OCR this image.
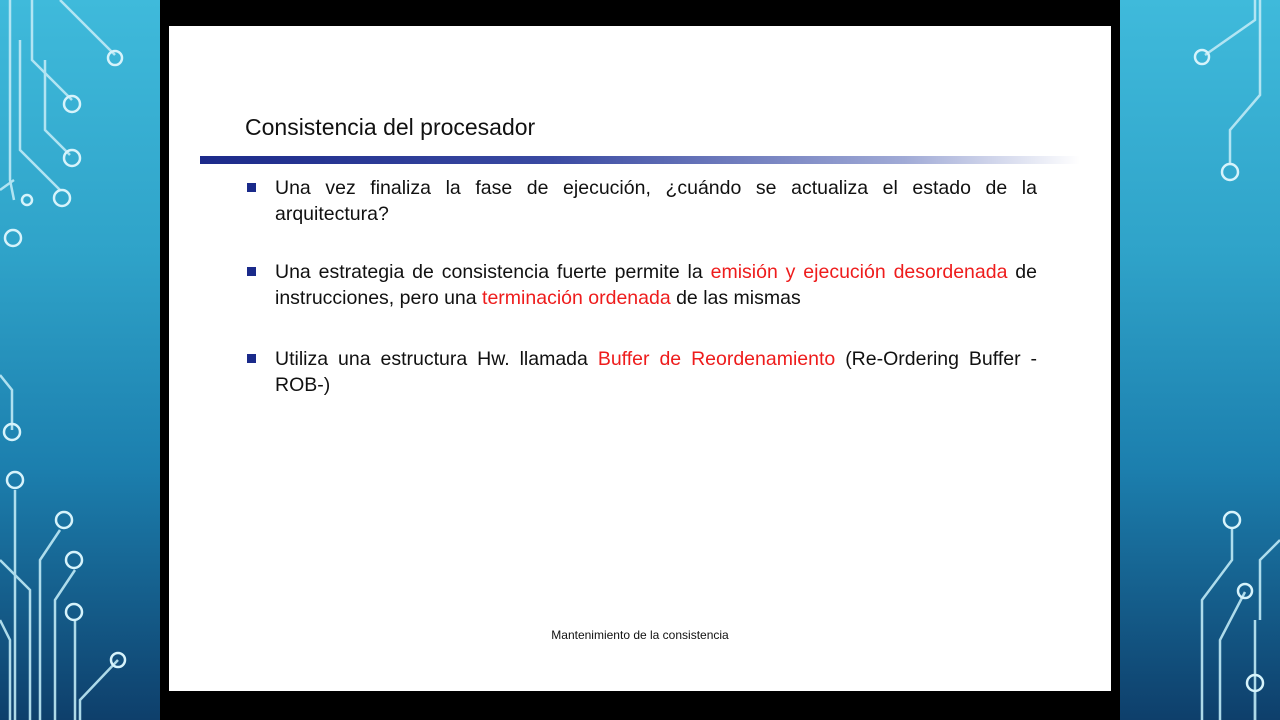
Consistencia del procesador
Una vez finaliza la fase de ejecución, ¿cuándo se actualiza el estado de la arquitectura?
Una estrategia de consistencia fuerte permite la emisión y ejecución desordenada de instrucciones, pero una terminación ordenada de las mismas
Utiliza una estructura Hw. llamada Buffer de Reordenamiento (Re-Ordering Buffer -ROB-)
Mantenimiento de la consistencia
